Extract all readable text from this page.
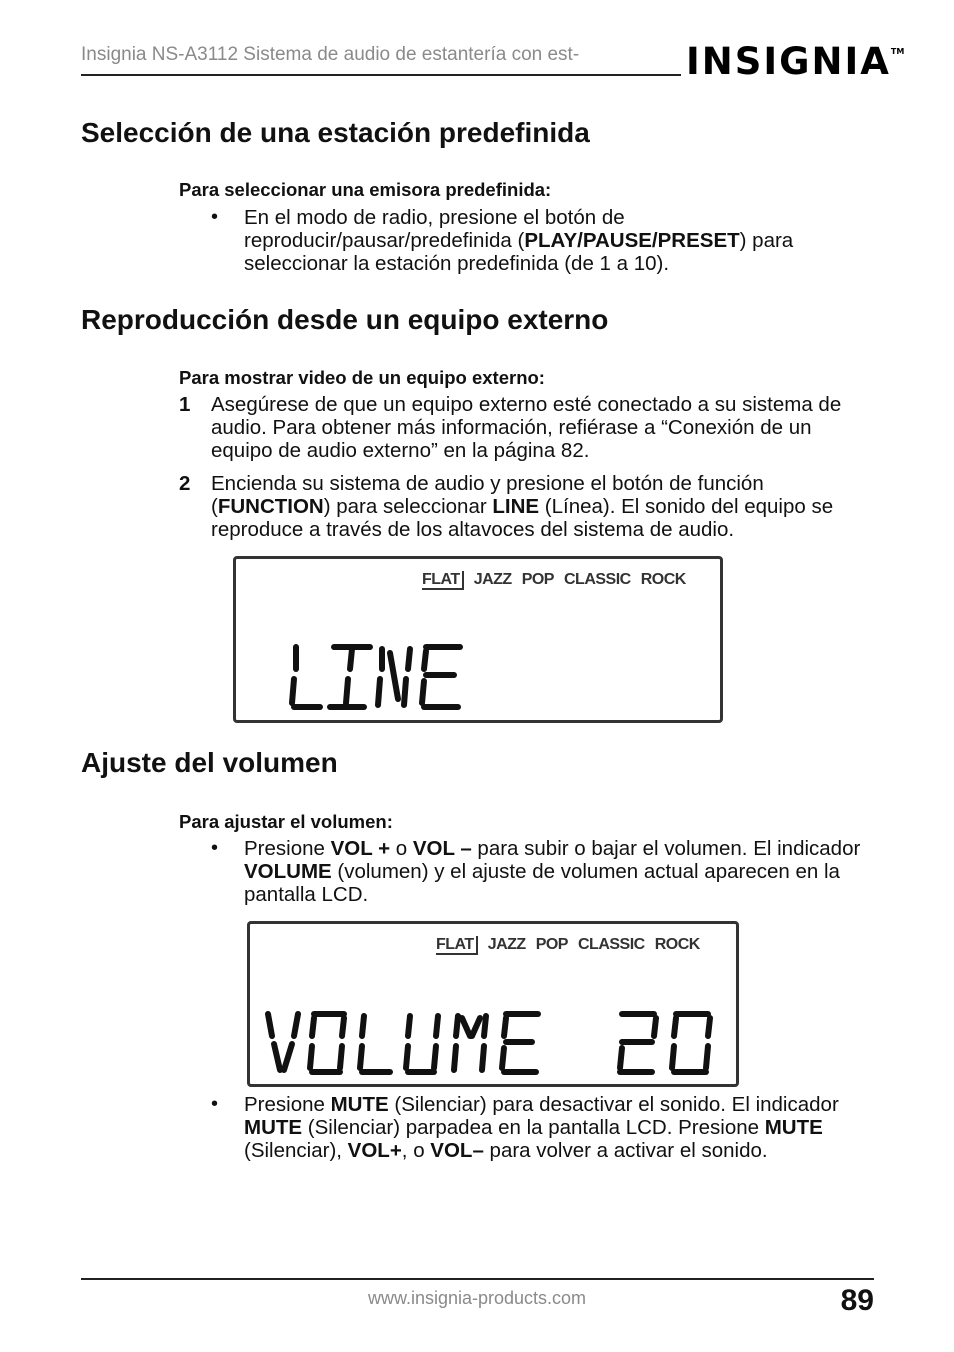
Insignia NS-A3112 Sistema de audio de estantería con est-	INSIGNIA™
Selección de una estación predefinida
Para seleccionar una emisora predefinida:
• En el modo de radio, presione el botón de reproducir/pausar/predefinida (PLAY/PAUSE/PRESET) para seleccionar la estación predefinida (de 1 a 10).
Reproducción desde un equipo externo
Para mostrar video de un equipo externo:
1 Asegúrese de que un equipo externo esté conectado a su sistema de audio. Para obtener más información, refiérase a “Conexión de un equipo de audio externo” en la página 82.
2 Encienda su sistema de audio y presione el botón de función (FUNCTION) para seleccionar LINE (Línea). El sonido del equipo se reproduce a través de los altavoces del sistema de audio.
FLAT JAZZ POP CLASSIC ROCK
Ajuste del volumen
Para ajustar el volumen:
• Presione VOL + o VOL – para subir o bajar el volumen. El indicador VOLUME (volumen) y el ajuste de volumen actual aparecen en la pantalla LCD.
FLAT JAZZ POP CLASSIC ROCK
• Presione MUTE (Silenciar) para desactivar el sonido. El indicador MUTE (Silenciar) parpadea en la pantalla LCD. Presione MUTE (Silenciar), VOL+, o VOL– para volver a activar el sonido.
www.insignia-products.com	89
